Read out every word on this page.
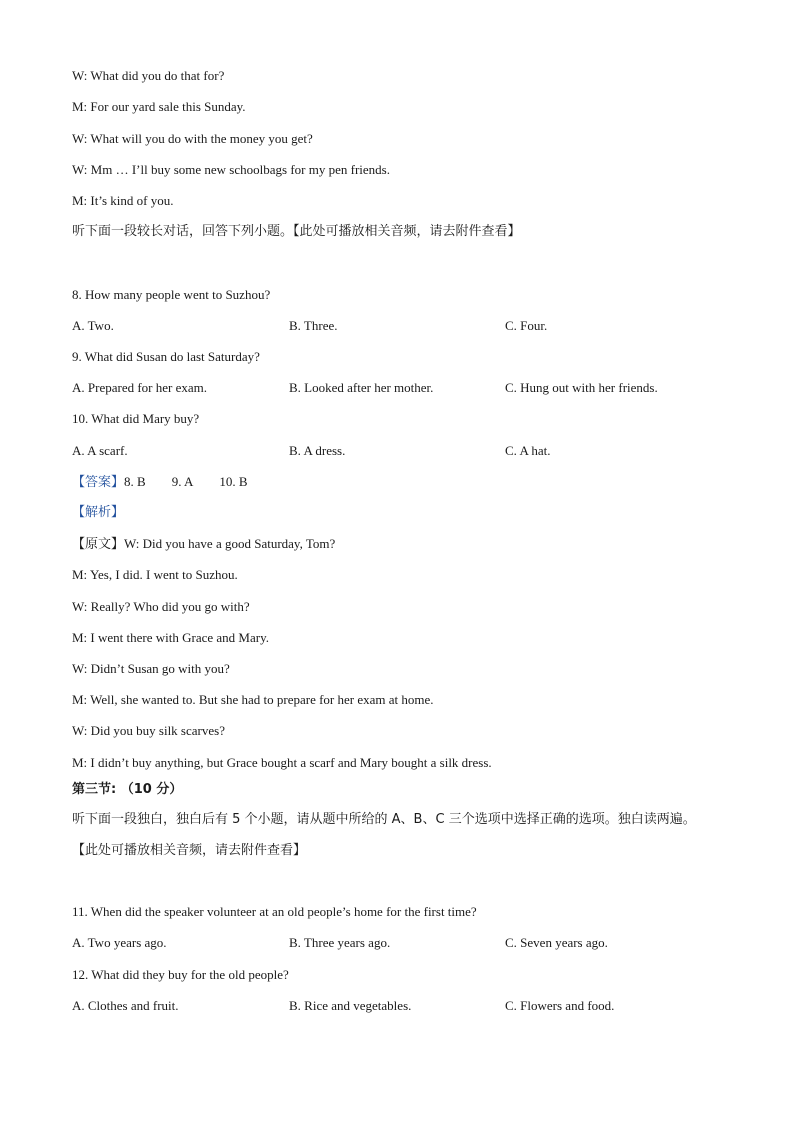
W: What did you do that for?
M: For our yard sale this Sunday.
W: What will you do with the money you get?
W: Mm … I’ll buy some new schoolbags for my pen friends.
M: It’s kind of you.
听下面一段较长对话，回答下列小题。【此处可播放相关音频，请去附件查看】
8. How many people went to Suzhou?
A. Two.	B. Three.	C. Four.
9. What did Susan do last Saturday?
A. Prepared for her exam.	B. Looked after her mother.	C. Hung out with her friends.
10. What did Mary buy?
A. A scarf.	B. A dress.	C. A hat.
【答案】8. B 9. A 10. B
【解析】
【原文】W: Did you have a good Saturday, Tom?
M: Yes, I did. I went to Suzhou.
W: Really? Who did you go with?
M: I went there with Grace and Mary.
W: Didn’t Susan go with you?
M: Well, she wanted to. But she had to prepare for her exam at home.
W: Did you buy silk scarves?
M: I didn’t buy anything, but Grace bought a scarf and Mary bought a silk dress.
第三节: （10 分）
听下面一段独白，独白后有 5 个小题，请从题中所给的 A、B、C 三个选项中选择正确的选项。独白读两遍。
【此处可播放相关音频，请去附件查看】
11. When did the speaker volunteer at an old people’s home for the first time?
A. Two years ago.	B. Three years ago.	C. Seven years ago.
12. What did they buy for the old people?
A. Clothes and fruit.	B. Rice and vegetables.	C. Flowers and food.
